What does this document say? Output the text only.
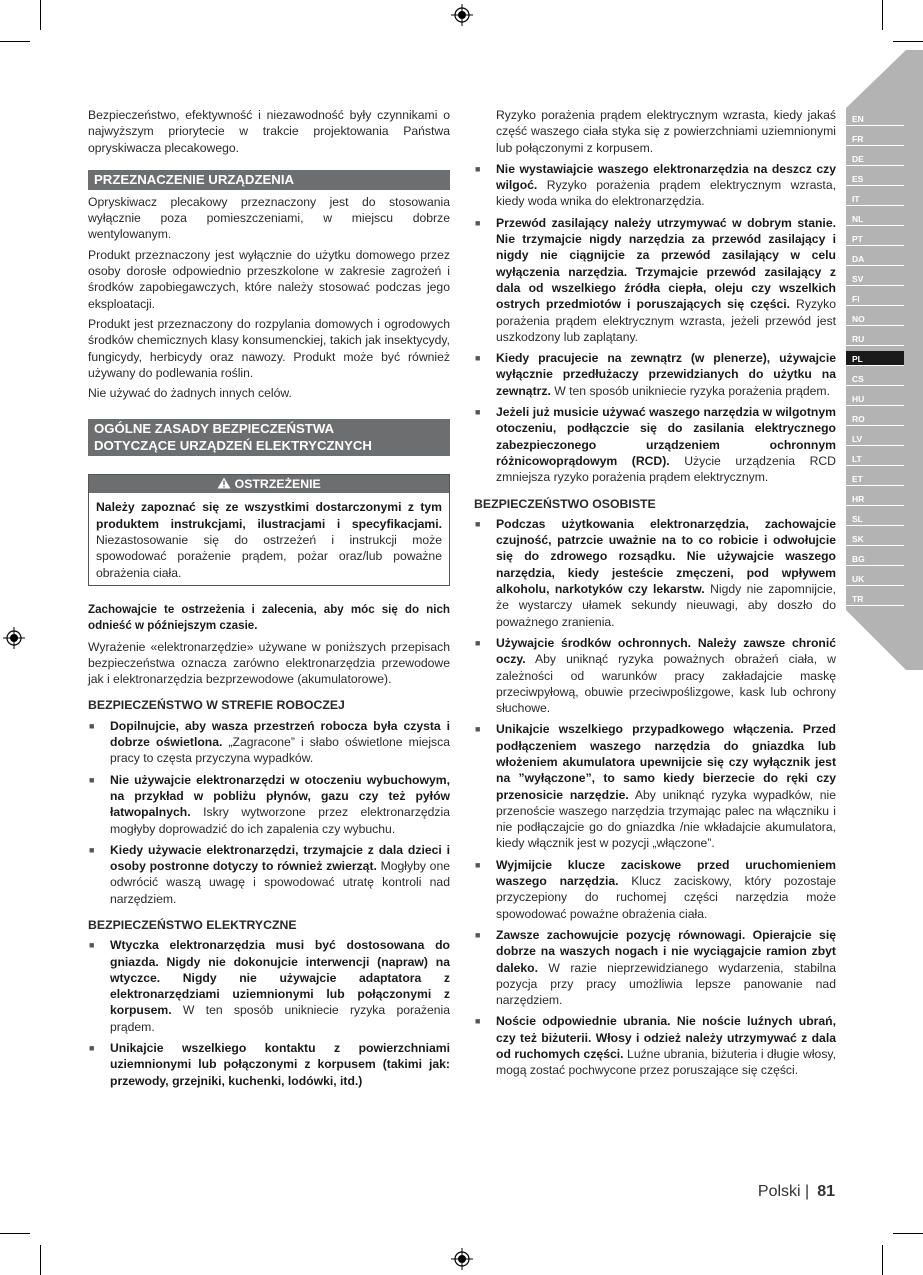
EN
FR
DE
ES
IT
NL
PT
DA
SV
FI
NO
RU
PL
CS
HU
RO
LV
LT
ET
HR
SL
SK
BG
UK
TR

Bezpieczeństwo, efektywność i niezawodność były czynnikami o najwyższym priorytecie w trakcie projektowania Państwa opryskiwacza plecakowego.

PRZEZNACZENIE URZĄDZENIA

Opryskiwacz plecakowy przeznaczony jest do stosowania wyłącznie poza pomieszczeniami, w miejscu dobrze wentylowanym.

Produkt przeznaczony jest wyłącznie do użytku domowego przez osoby dorosłe odpowiednio przeszkolone w zakresie zagrożeń i środków zapobiegawczych, które należy stosować podczas jego eksploatacji.

Produkt jest przeznaczony do rozpylania domowych i ogrodowych środków chemicznych klasy konsumenckiej, takich jak insektycydy, fungicydy, herbicydy oraz nawozy. Produkt może być również używany do podlewania roślin.

Nie używać do żadnych innych celów.

OGÓLNE ZASADY BEZPIECZEŃSTWA
DOTYCZĄCE URZĄDZEŃ ELEKTRYCZNYCH
OSTRZEŻENIE
Należy zapoznać się ze wszystkimi dostarczonymi z tym produktem instrukcjami, ilustracjami i specyfikacjami. Niezastosowanie się do ostrzeżeń i instrukcji może spowodować porażenie prądem, pożar oraz/lub poważne obrażenia ciała.

Zachowajcie te ostrzeżenia i zalecenia, aby móc się do nich odnieść w późniejszym czasie.

Wyrażenie «elektronarzędzie» używane w poniższych przepisach bezpieczeństwa oznacza zarówno elektronarzędzia przewodowe jak i elektronarzędzia bezprzewodowe (akumulatorowe).

BEZPIECZEŃSTWO W STREFIE ROBOCZEJ
■ Dopilnujcie, aby wasza przestrzeń robocza była czysta i dobrze oświetlona. „Zagracone” i słabo oświetlone miejsca pracy to częsta przyczyna wypadków.
■ Nie używajcie elektronarzędzi w otoczeniu wybuchowym, na przykład w pobliżu płynów, gazu czy też pyłów łatwopalnych. Iskry wytworzone przez elektronarzędzia mogłyby doprowadzić do ich zapalenia czy wybuchu.
■ Kiedy używacie elektronarzędzi, trzymajcie z dala dzieci i osoby postronne dotyczy to również zwierząt. Mogłyby one odwrócić waszą uwagę i spowodować utratę kontroli nad narzędziem.
BEZPIECZEŃSTWO ELEKTRYCZNE
■ Wtyczka elektronarzędzia musi być dostosowana do gniazda. Nigdy nie dokonujcie interwencji (napraw) na wtyczce. Nigdy nie używajcie adaptatora z elektronarzędziami uziemnionymi lub połączonymi z korpusem. W ten sposób unikniecie ryzyka porażenia prądem.
■ Unikajcie wszelkiego kontaktu z powierzchniami uziemnionymi lub połączonymi z korpusem (takimi jak: przewody, grzejniki, kuchenki, lodówki, itd.)

Ryzyko porażenia prądem elektrycznym wzrasta, kiedy jakaś część waszego ciała styka się z powierzchniami uziemnionymi lub połączonymi z korpusem.

■ Nie wystawiajcie waszego elektronarzędzia na deszcz czy wilgoć. Ryzyko porażenia prądem elektrycznym wzrasta, kiedy woda wnika do elektronarzędzia.
■ Przewód zasilający należy utrzymywać w dobrym stanie. Nie trzymajcie nigdy narzędzia za przewód zasilający i nigdy nie ciągnijcie za przewód zasilający w celu wyłączenia narzędzia. Trzymajcie przewód zasilający z dala od wszelkiego źródła ciepła, oleju czy wszelkich ostrych przedmiotów i poruszających się części. Ryzyko porażenia prądem elektrycznym wzrasta, jeżeli przewód jest uszkodzony lub zaplątany.
■ Kiedy pracujecie na zewnątrz (w plenerze), używajcie wyłącznie przedłużaczy przewidzianych do użytku na zewnątrz. W ten sposób unikniecie ryzyka porażenia prądem.
■ Jeżeli już musicie używać waszego narzędzia w wilgotnym otoczeniu, podłączcie się do zasilania elektrycznego zabezpieczonego urządzeniem ochronnym różnicowoprądowym (RCD). Użycie urządzenia RCD zmniejsza ryzyko porażenia prądem elektrycznym.
BEZPIECZEŃSTWO OSOBISTE
■ Podczas użytkowania elektronarzędzia, zachowajcie czujność, patrzcie uważnie na to co robicie i odwołujcie się do zdrowego rozsądku. Nie używajcie waszego narzędzia, kiedy jesteście zmęczeni, pod wpływem alkoholu, narkotyków czy lekarstw. Nigdy nie zapomnijcie, że wystarczy ułamek sekundy nieuwagi, aby doszło do poważnego zranienia.
■ Używajcie środków ochronnych. Należy zawsze chronić oczy. Aby uniknąć ryzyka poważnych obrażeń ciała, w zależności od warunków pracy zakładajcie maskę przeciwpyłową, obuwie przeciwpoślizgowe, kask lub ochrony słuchowe.
■ Unikajcie wszelkiego przypadkowego włączenia. Przed podłączeniem waszego narzędzia do gniazdka lub włożeniem akumulatora upewnijcie się czy wyłącznik jest na ”wyłączone”, to samo kiedy bierzecie do ręki czy przenosicie narzędzie. Aby uniknąć ryzyka wypadków, nie przenoście waszego narzędzia trzymając palec na włączniku i nie podłączajcie go do gniazdka /nie wkładajcie akumulatora, kiedy włącznik jest w pozycji „włączone”.
■ Wyjmijcie klucze zaciskowe przed uruchomieniem waszego narzędzia. Klucz zaciskowy, który pozostaje przyczepiony do ruchomej części narzędzia może spowodować poważne obrażenia ciała.
■ Zawsze zachowujcie pozycję równowagi. Opierajcie się dobrze na waszych nogach i nie wyciągajcie ramion zbyt daleko. W razie nieprzewidzianego wydarzenia, stabilna pozycja przy pracy umożliwia lepsze panowanie nad narzędziem.
■ Noście odpowiednie ubrania. Nie noście luźnych ubrań, czy też biżuterii. Włosy i odzież należy utrzymywać z dala od ruchomych części. Luźne ubrania, biżuteria i długie włosy, mogą zostać pochwycone przez poruszające się części.
Polski | 81
